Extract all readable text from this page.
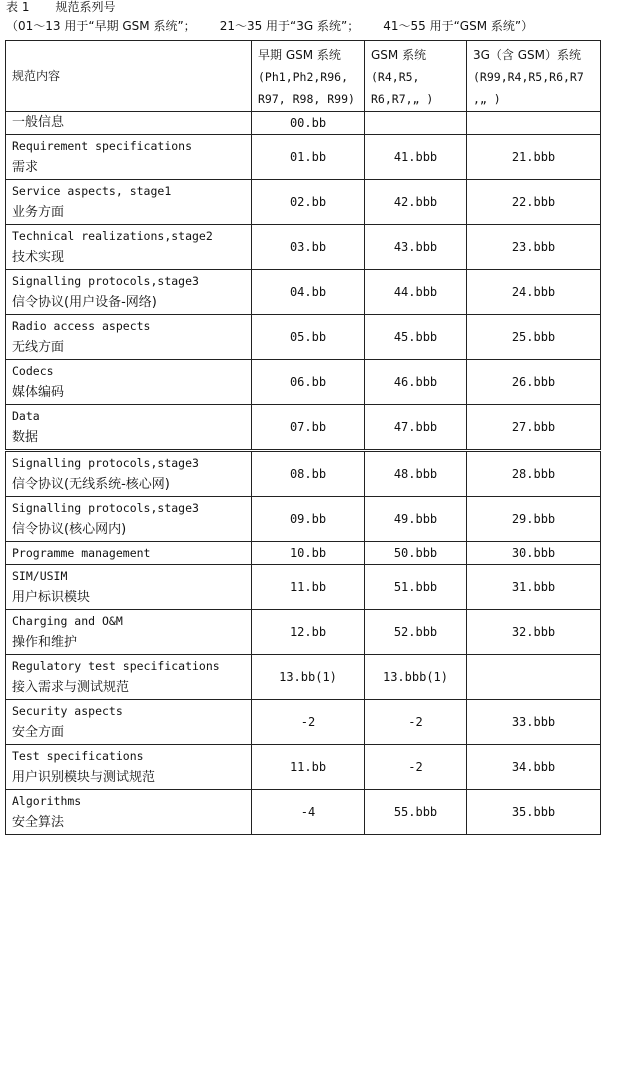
表 1 规范系列号
（01～13 用于“早期 GSM 系统”； 21～35 用于“3G 系统”； 41～55 用于“GSM 系统”）
规范内容	早期 GSM 系统
(Ph1,Ph2,R96,
R97, R98, R99)	GSM 系统
(R4,R5,
R6,R7,„ )	3G（含 GSM）系统
(R99,R4,R5,R6,R7
,„ )

一般信息	00.bb		

Requirement specifications
需求	01.bb	41.bbb	21.bbb

Service aspects, stage1
业务方面	02.bb	42.bbb	22.bbb

Technical realizations,stage2
技术实现	03.bb	43.bbb	23.bbb

Signalling protocols,stage3
信令协议(用户设备-网络)	04.bb	44.bbb	24.bbb

Radio access aspects
无线方面	05.bb	45.bbb	25.bbb

Codecs
媒体编码	06.bb	46.bbb	26.bbb

Data
数据	07.bb	47.bbb	27.bbb

Signalling protocols,stage3
信令协议(无线系统-核心网)	08.bb	48.bbb	28.bbb

Signalling protocols,stage3
信令协议(核心网内)	09.bb	49.bbb	29.bbb

Programme management	10.bb	50.bbb	30.bbb

SIM/USIM
用户标识模块	11.bb	51.bbb	31.bbb

Charging and O&M
操作和维护	12.bb	52.bbb	32.bbb

Regulatory test specifications
接入需求与测试规范	13.bb(1)	13.bbb(1)	

Security aspects
安全方面	-2	-2	33.bbb

Test specifications
用户识别模块与测试规范	11.bb	-2	34.bbb

Algorithms
安全算法	-4	55.bbb	35.bbb
